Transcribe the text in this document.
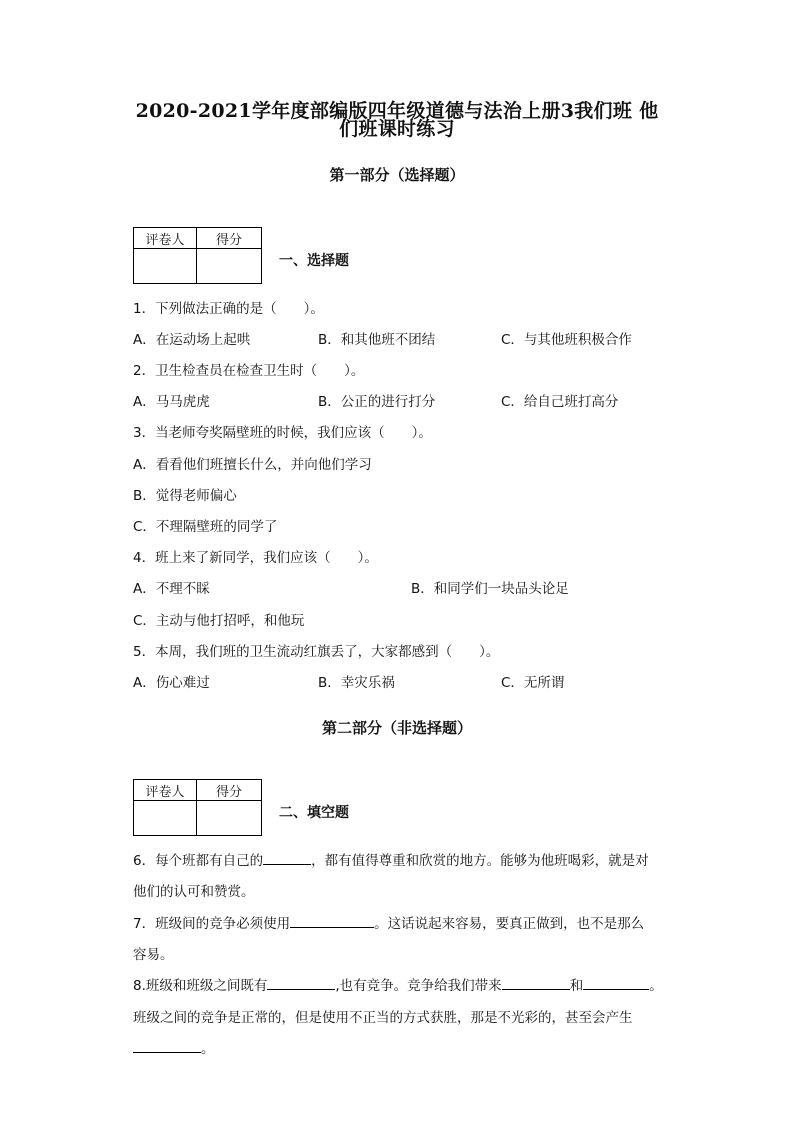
2020-2021学年度部编版四年级道德与法治上册3我们班 他
们班课时练习
第一部分（选择题）
评卷人	得分

一、选择题
1．下列做法正确的是（　　）。
A．在运动场上起哄	B．和其他班不团结	C．与其他班积极合作
2．卫生检查员在检查卫生时（　　）。
A．马马虎虎	B．公正的进行打分	C．给自己班打高分
3．当老师夸奖隔壁班的时候，我们应该（　　）。
A．看看他们班擅长什么，并向他们学习
B．觉得老师偏心
C．不理隔壁班的同学了
4．班上来了新同学，我们应该（　　）。
A．不理不睬	B．和同学们一块品头论足
C．主动与他打招呼，和他玩
5．本周，我们班的卫生流动红旗丢了，大家都感到（　　）。
A．伤心难过	B．幸灾乐祸	C．无所谓
第二部分（非选择题）
评卷人	得分

二、填空题
6．每个班都有自己的	，都有值得尊重和欣赏的地方。能够为他班喝彩，就是对
他们的认可和赞赏。
7．班级间的竞争必须使用	。这话说起来容易，要真正做到，也不是那么
容易。
8.班级和班级之间既有	,也有竞争。竞争给我们带来	和	。
班级之间的竞争是正常的，但是使用不正当的方式获胜，那是不光彩的，甚至会产生
。
